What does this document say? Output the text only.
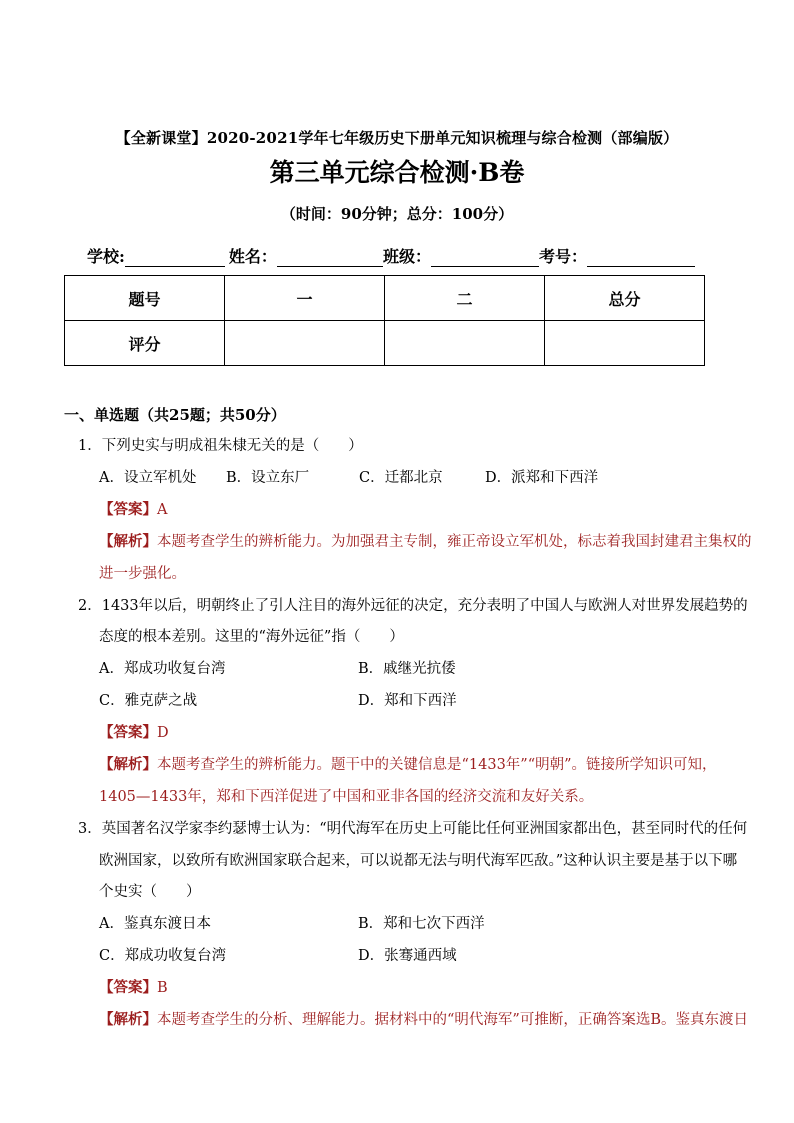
【全新课堂】2020-2021学年七年级历史下册单元知识梳理与综合检测（部编版）
第三单元综合检测·B卷
（时间：90分钟；总分：100分）
学校:	姓名：	班级：	考号：
题号	一	二	总分
评分			
一、单选题（共25题；共50分）
1．下列史实与明成祖朱棣无关的是（　　）
A．设立军机处 B．设立东厂	C．迁都北京	D．派郑和下西洋
【答案】A
【解析】本题考查学生的辨析能力。为加强君主专制，雍正帝设立军机处，标志着我国封建君主集权的
进一步强化。
2．1433年以后，明朝终止了引人注目的海外远征的决定，充分表明了中国人与欧洲人对世界发展趋势的
态度的根本差别。这里的“海外远征”指（　　）
A．郑成功收复台湾	B．戚继光抗倭
C．雅克萨之战	D．郑和下西洋
【答案】D
【解析】本题考查学生的辨析能力。题干中的关键信息是“1433年”“明朝”。链接所学知识可知，
1405—1433年，郑和下西洋促进了中国和亚非各国的经济交流和友好关系。
3．英国著名汉学家李约瑟博士认为：“明代海军在历史上可能比任何亚洲国家都出色，甚至同时代的任何
欧洲国家，以致所有欧洲国家联合起来，可以说都无法与明代海军匹敌。”这种认识主要是基于以下哪
个史实（　　）
A．鉴真东渡日本	B．郑和七次下西洋
C．郑成功收复台湾	D．张骞通西域
【答案】B
【解析】本题考查学生的分析、理解能力。据材料中的“明代海军”可推断，正确答案选B。鉴真东渡日
